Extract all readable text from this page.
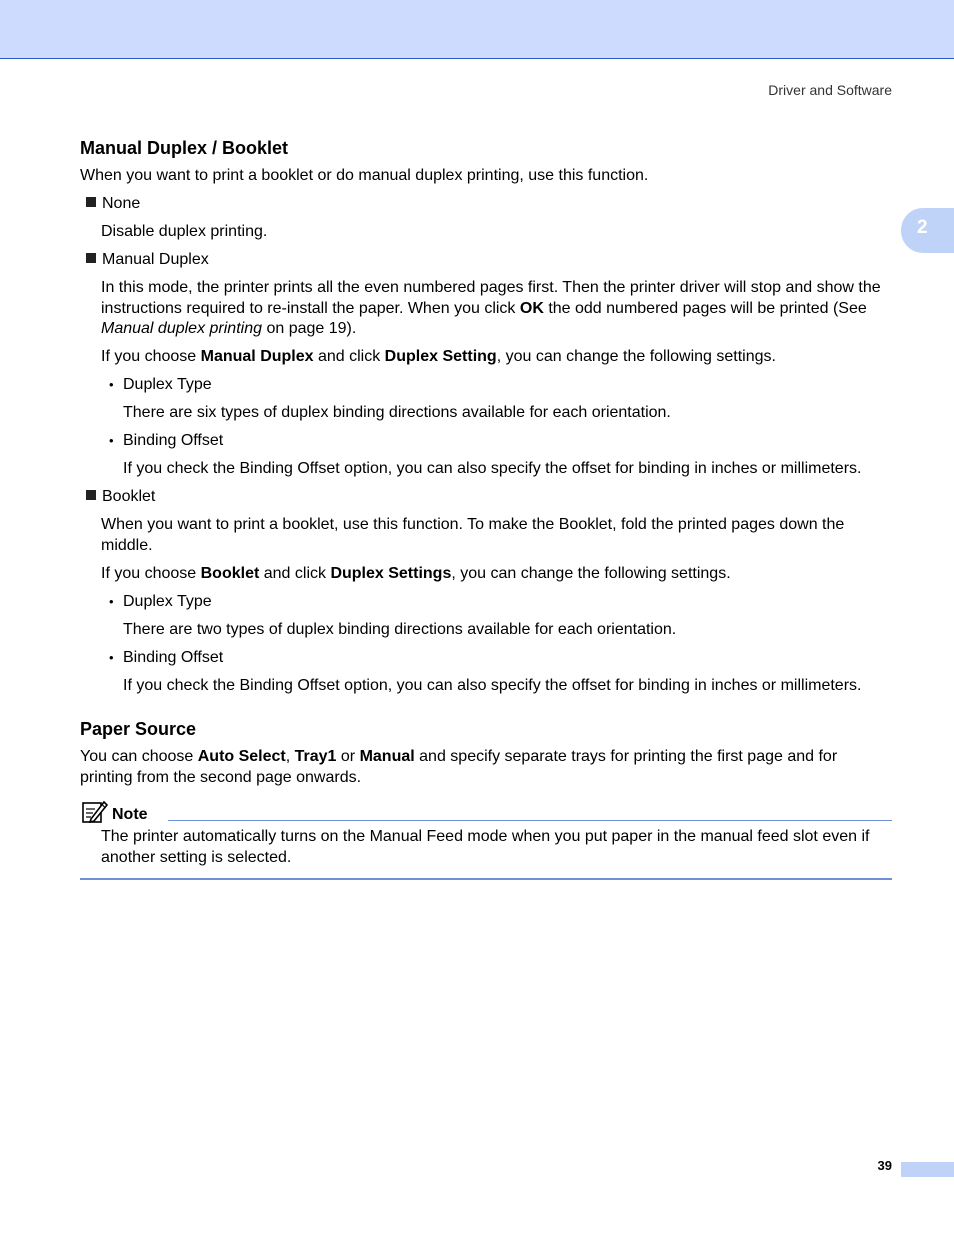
Driver and Software
2
Manual Duplex / Booklet

When you want to print a booklet or do manual duplex printing, use this function.

None

Disable duplex printing.

Manual Duplex

In this mode, the printer prints all the even numbered pages first. Then the printer driver will stop and show the instructions required to re-install the paper. When you click OK the odd numbered pages will be printed (See Manual duplex printing on page 19).

If you choose Manual Duplex and click Duplex Setting, you can change the following settings.

• Duplex Type

There are six types of duplex binding directions available for each orientation.

• Binding Offset

If you check the Binding Offset option, you can also specify the offset for binding in inches or millimeters.

Booklet

When you want to print a booklet, use this function. To make the Booklet, fold the printed pages down the middle.

If you choose Booklet and click Duplex Settings, you can change the following settings.

• Duplex Type

There are two types of duplex binding directions available for each orientation.

• Binding Offset

If you check the Binding Offset option, you can also specify the offset for binding in inches or millimeters.

Paper Source

You can choose Auto Select, Tray1 or Manual and specify separate trays for printing the first page and for printing from the second page onwards.

Note

The printer automatically turns on the Manual Feed mode when you put paper in the manual feed slot even if another setting is selected.

39
